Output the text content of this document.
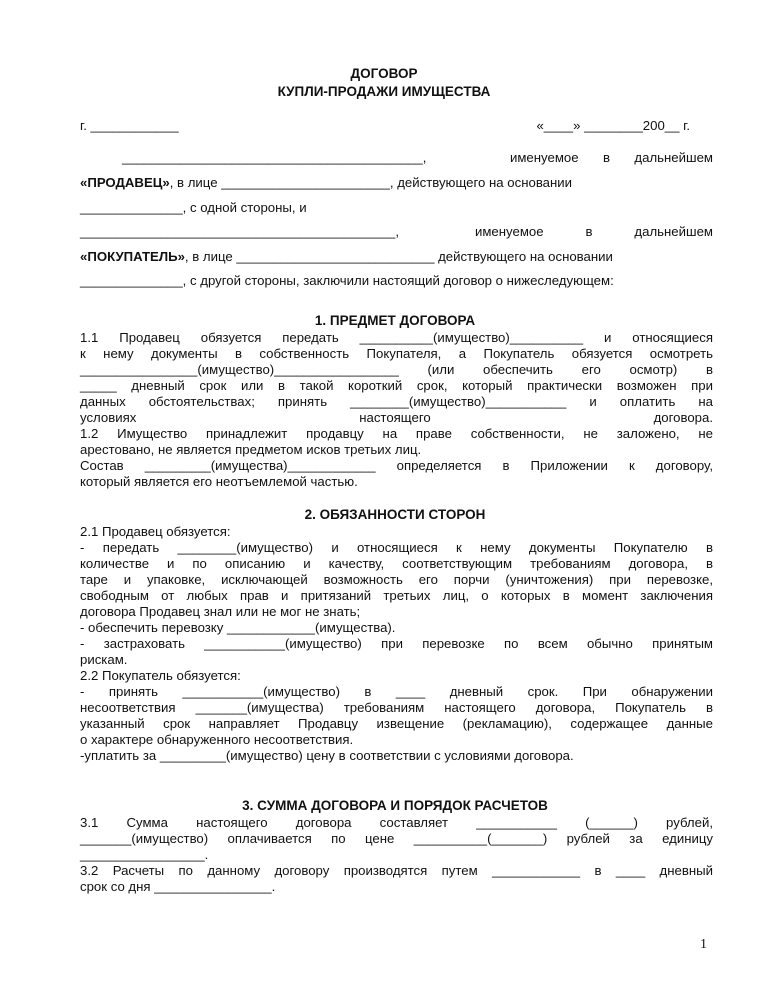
ДОГОВОР
КУПЛИ-ПРОДАЖИ ИМУЩЕСТВА
г. ____________	«____» ________200__ г.
_________________________________________,	именуемое в дальнейшем
«ПРОДАВЕЦ», в лице _______________________, действующего на основании
______________, с одной стороны, и
___________________________________________,	именуемое в дальнейшем
«ПОКУПАТЕЛЬ», в лице ___________________________ действующего на основании
______________, с другой стороны, заключили настоящий договор о нижеследующем:
1. ПРЕДМЕТ ДОГОВОРА
1.1 Продавец обязуется передать __________(имущество)__________ и относящиеся
к нему документы в собственность Покупателя, а Покупатель обязуется осмотреть
________________(имущество)_________________ (или обеспечить его осмотр) в
_____ дневный срок или в такой короткий срок, который практически возможен при
данных обстоятельствах; принять ________(имущество)___________ и оплатить на
условиях настоящего договора.
1.2 Имущество принадлежит продавцу на праве собственности, не заложено, не
арестовано, не является предметом исков третьих лиц.
Состав _________(имущества)____________ определяется в Приложении к договору,
который является его неотъемлемой частью.
2. ОБЯЗАННОСТИ СТОРОН
2.1 Продавец обязуется:
- передать ________(имущество) и относящиеся к нему документы Покупателю в
количестве и по описанию и качеству, соответствующим требованиям договора, в
таре и упаковке, исключающей возможность его порчи (уничтожения) при перевозке,
свободным от любых прав и притязаний третьих лиц, о которых в момент заключения
договора Продавец знал или не мог не знать;
- обеспечить перевозку ____________(имущества).
- застраховать ___________(имущество) при перевозке по всем обычно принятым
рискам.
2.2 Покупатель обязуется:
- принять ___________(имущество) в ____ дневный срок. При обнаружении
несоответствия _______(имущества) требованиям настоящего договора, Покупатель в
указанный срок направляет Продавцу извещение (рекламацию), содержащее данные
о характере обнаруженного несоответствия.
-уплатить за _________(имущество) цену в соответствии с условиями договора.
3. СУММА ДОГОВОРА И ПОРЯДОК РАСЧЕТОВ
3.1 Сумма настоящего договора составляет ___________ (______) рублей,
_______(имущество) оплачивается по цене __________(_______) рублей за единицу
_________________.
3.2 Расчеты по данному договору производятся путем ____________ в ____ дневный
срок со дня ________________.
1
